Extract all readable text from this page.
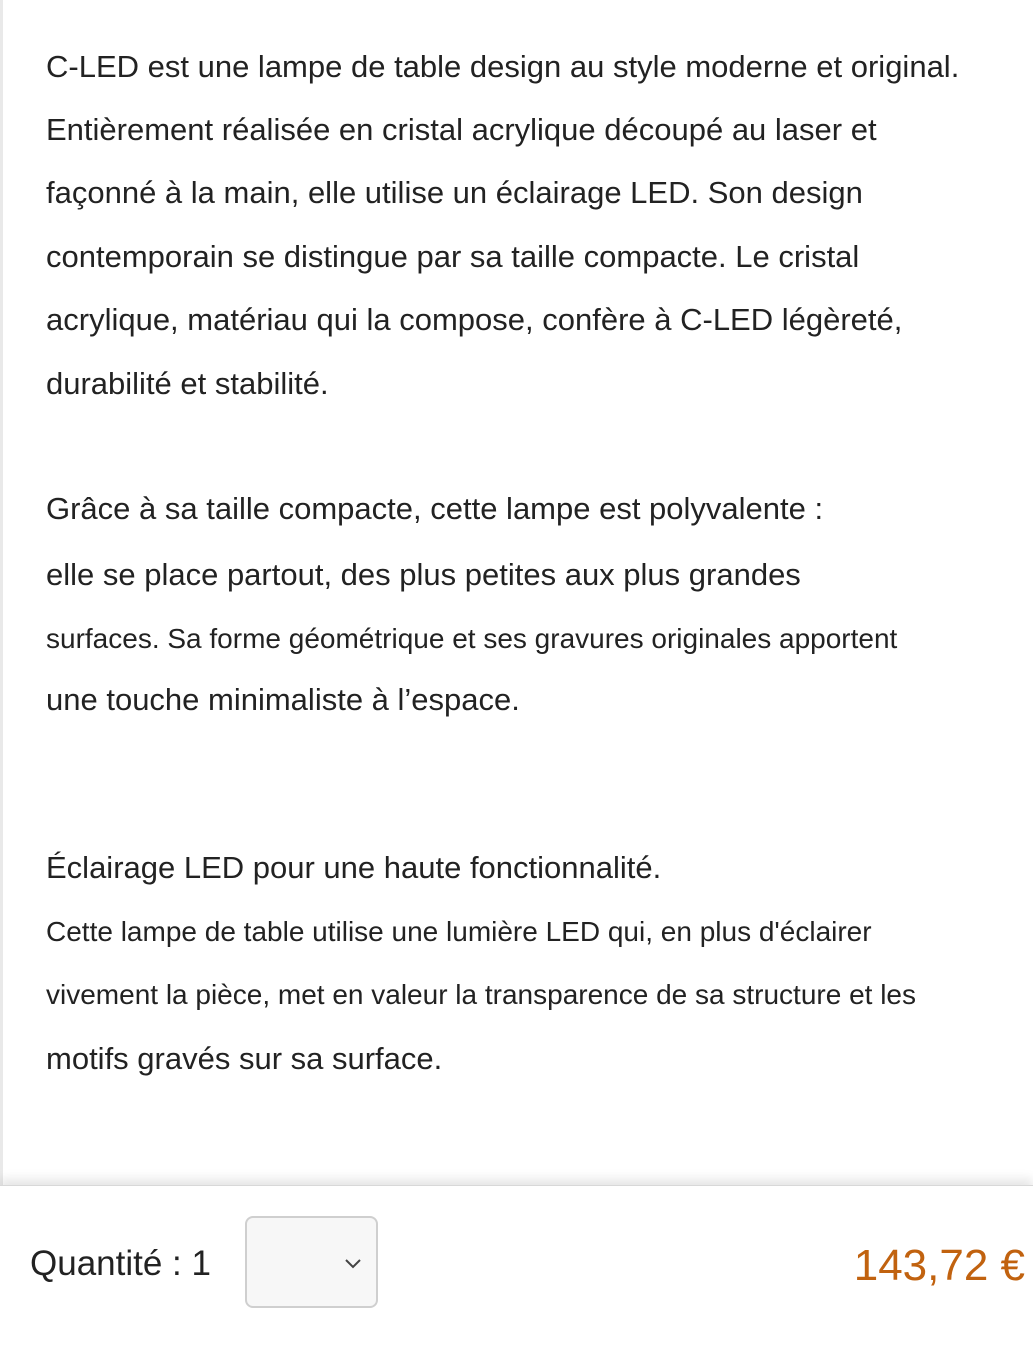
C-LED est une lampe de table design au style moderne et original.
Entièrement réalisée en cristal acrylique découpé au laser et
façonné à la main, elle utilise un éclairage LED. Son design
contemporain se distingue par sa taille compacte. Le cristal
acrylique, matériau qui la compose, confère à C-LED légèreté,
durabilité et stabilité.
Grâce à sa taille compacte, cette lampe est polyvalente :
elle se place partout, des plus petites aux plus grandes
surfaces. Sa forme géométrique et ses gravures originales apportent
une touche minimaliste à l’espace.
Éclairage LED pour une haute fonctionnalité.
Cette lampe de table utilise une lumière LED qui, en plus d'éclairer
vivement la pièce, met en valeur la transparence de sa structure et les
motifs gravés sur sa surface.
Quantité : 1	143,72 €
